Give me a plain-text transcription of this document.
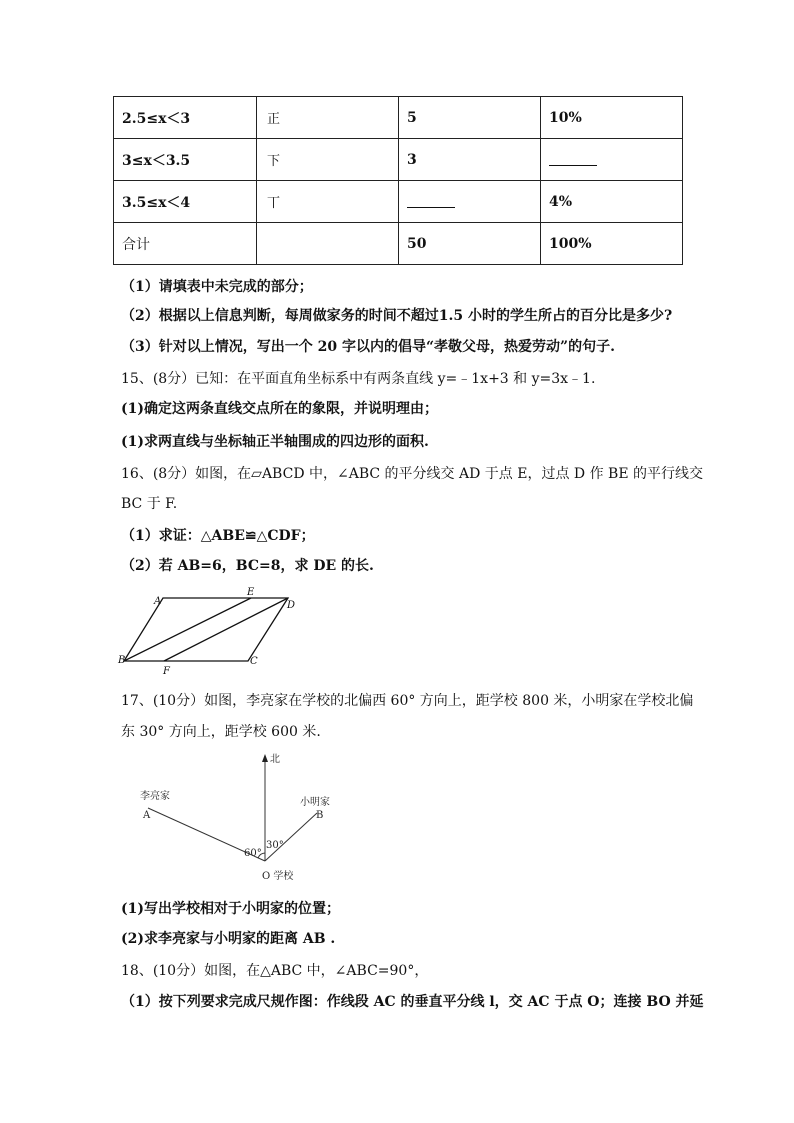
2.5≤x＜3	正	5	10%
3≤x＜3.5	下	3	
3.5≤x＜4	丅		4%
合计		50	100%
（1）请填表中未完成的部分；
（2）根据以上信息判断，每周做家务的时间不超过1.5 小时的学生所占的百分比是多少?
（3）针对以上情况，写出一个 20 字以内的倡导“孝敬父母，热爱劳动”的句子.
15、(8分）已知：在平面直角坐标系中有两条直线 y=﹣1x+3 和 y=3x﹣1.
(1)确定这两条直线交点所在的象限，并说明理由；
(1)求两直线与坐标轴正半轴围成的四边形的面积.
16、(8分）如图，在▱ABCD 中，∠ABC 的平分线交 AD 于点 E，过点 D 作 BE 的平行线交
BC 于 F.
（1）求证：△ABE≌△CDF；
（2）若 AB=6，BC=8，求 DE 的长.
A
E
D
B
F
C
17、(10分）如图，李亮家在学校的北偏西 60° 方向上，距学校 800 米，小明家在学校北偏
东 30° 方向上，距学校 600 米.
北
李亮家
A
小明家
B
60°
30°
O 学校
(1)写出学校相对于小明家的位置；
(2)求李亮家与小明家的距离 AB .
18、(10分）如图，在△ABC 中，∠ABC=90°，
（1）按下列要求完成尺规作图：作线段 AC 的垂直平分线 l，交 AC 于点 O；连接 BO 并延
